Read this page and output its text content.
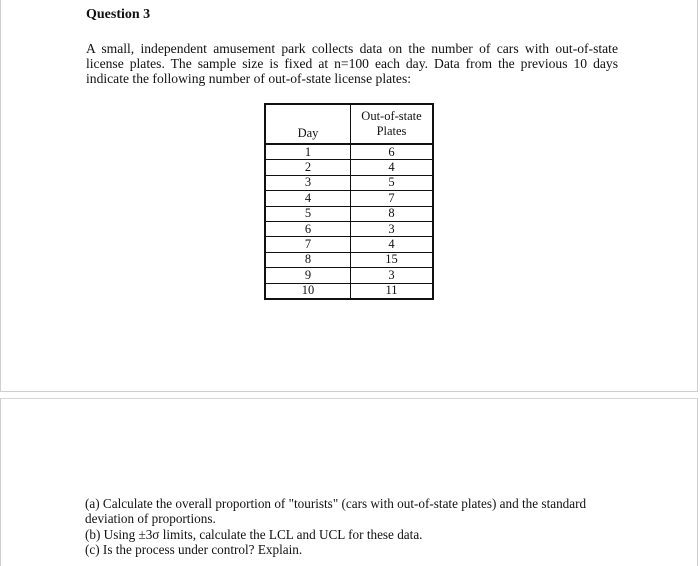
Question 3
A small, independent amusement park collects data on the number of cars with out-of-state license plates. The sample size is fixed at n=100 each day. Data from the previous 10 days indicate the following number of out-of-state license plates:
Day	Out-of-state
Plates
1	6
2	4
3	5
4	7
5	8
6	3
7	4
8	15
9	3
10	11

(a) Calculate the overall proportion of "tourists" (cars with out-of-state plates) and the standard deviation of proportions.

(b) Using ±3σ limits, calculate the LCL and UCL for these data.

(c) Is the process under control? Explain.
